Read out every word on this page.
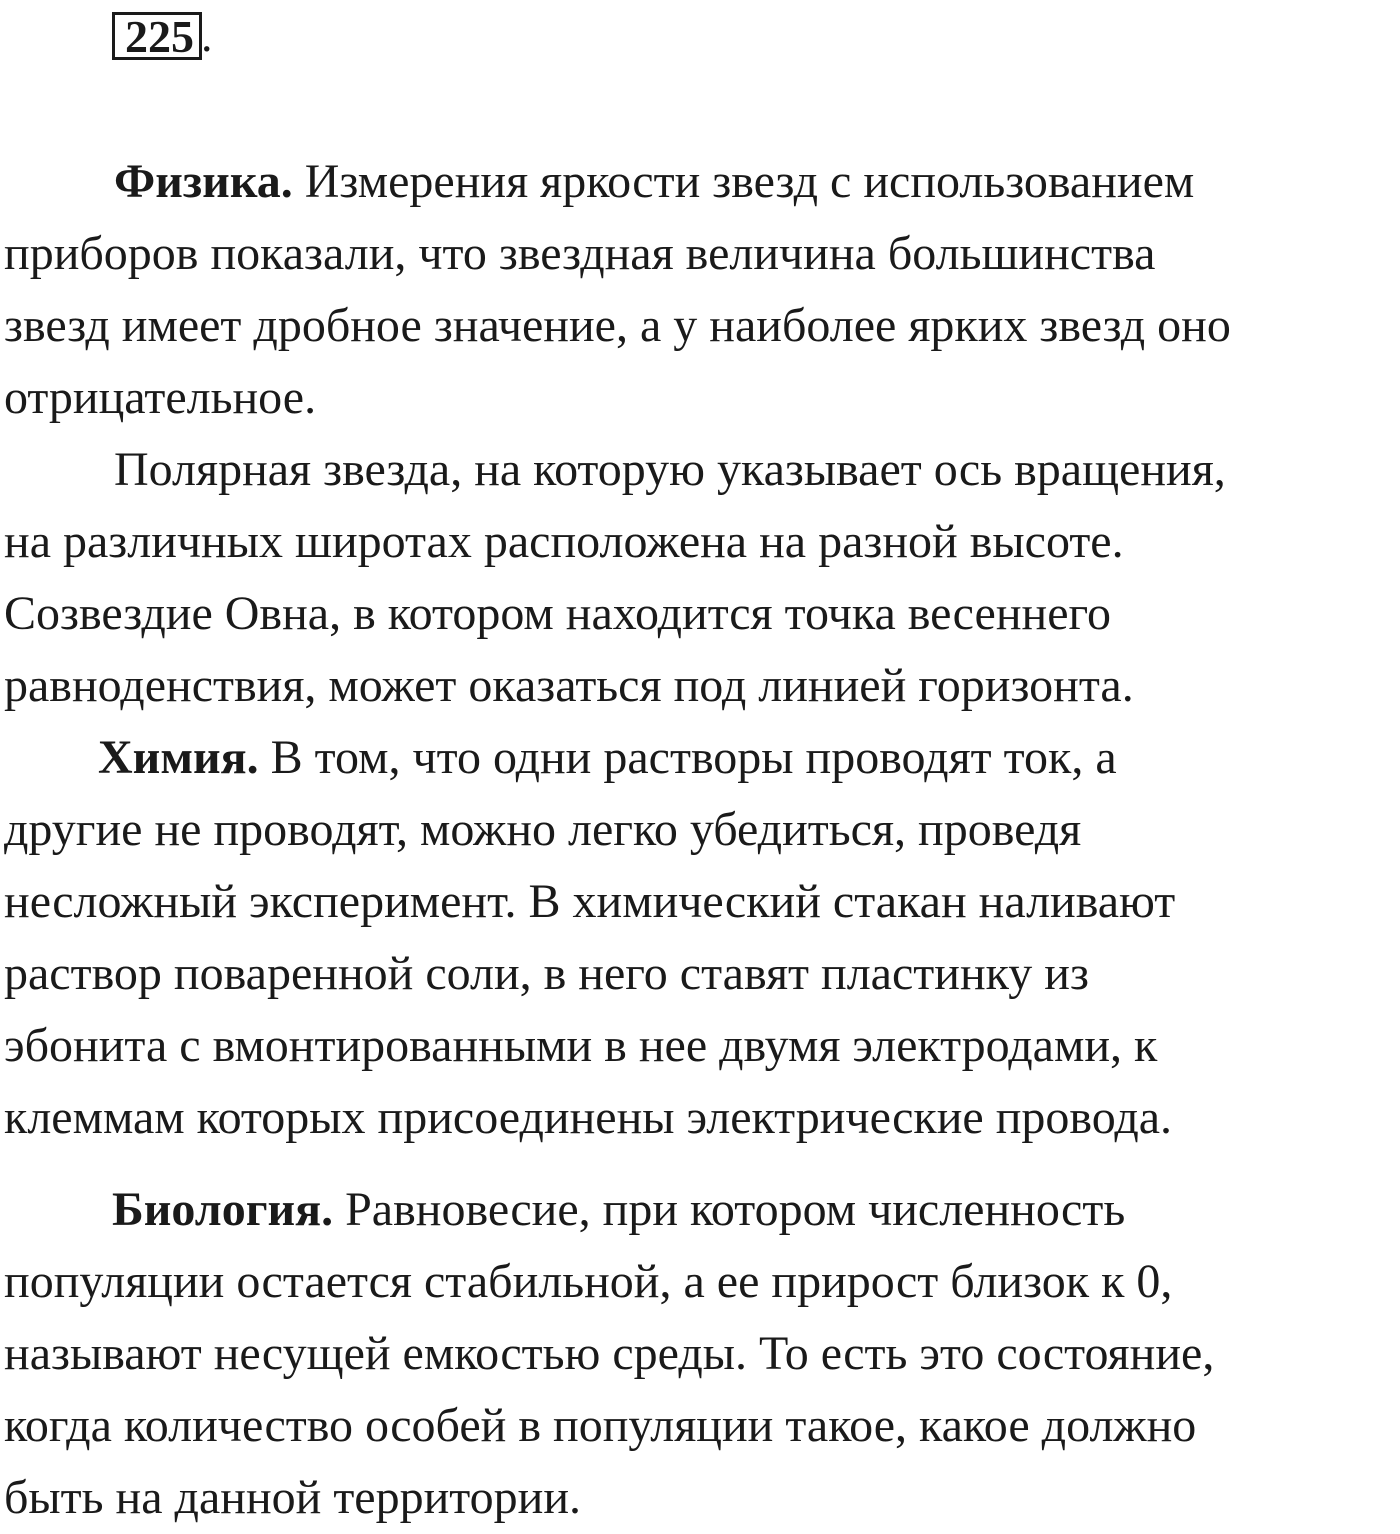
225 .

Физика. Измерения яркости звезд с использованием
приборов показали, что звездная величина большинства
звезд имеет дробное значение, а у наиболее ярких звезд оно
отрицательное.

Полярная звезда, на которую указывает ось вращения,
на различных широтах расположена на разной высоте.
Созвездие Овна, в котором находится точка весеннего
равноденствия, может оказаться под линией горизонта.

Химия. В том, что одни растворы проводят ток, а
другие не проводят, можно легко убедиться, проведя
несложный эксперимент. В химический стакан наливают
раствор поваренной соли, в него ставят пластинку из
эбонита с вмонтированными в нее двумя электродами, к
клеммам которых присоединены электрические провода.

Биология. Равновесие, при котором численность
популяции остается стабильной, а ее прирост близок к 0,
называют несущей емкостью среды. То есть это состояние,
когда количество особей в популяции такое, какое должно
быть на данной территории.
